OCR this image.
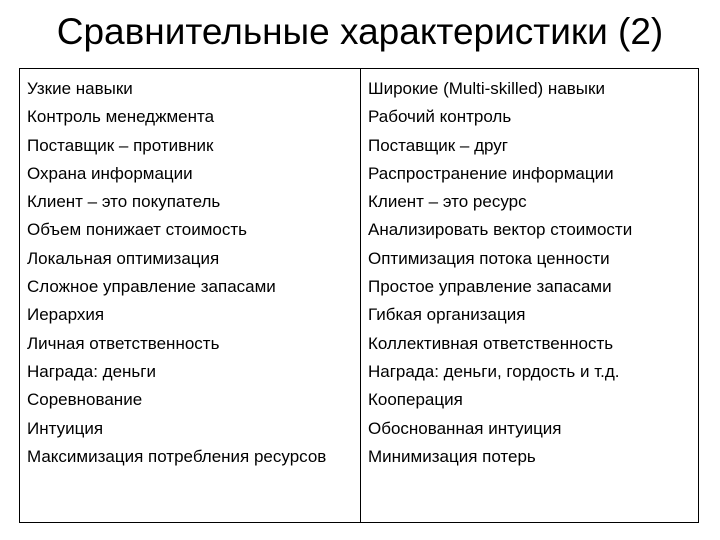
Сравнительные характеристики (2)

Узкие навыки

Контроль менеджмента

Поставщик – противник

Охрана информации

Клиент – это покупатель

Объем понижает стоимость

Локальная оптимизация

Сложное управление запасами

Иерархия

Личная ответственность

Награда: деньги

Соревнование

Интуиция

Максимизация потребления ресурсов

Широкие (Multi-skilled) навыки

Рабочий контроль

Поставщик – друг

Распространение информации

Клиент – это ресурс

Анализировать вектор стоимости

Оптимизация потока ценности

Простое управление запасами

Гибкая организация

Коллективная ответственность

Награда: деньги, гордость и т.д.

Кооперация

Обоснованная интуиция

Минимизация потерь
